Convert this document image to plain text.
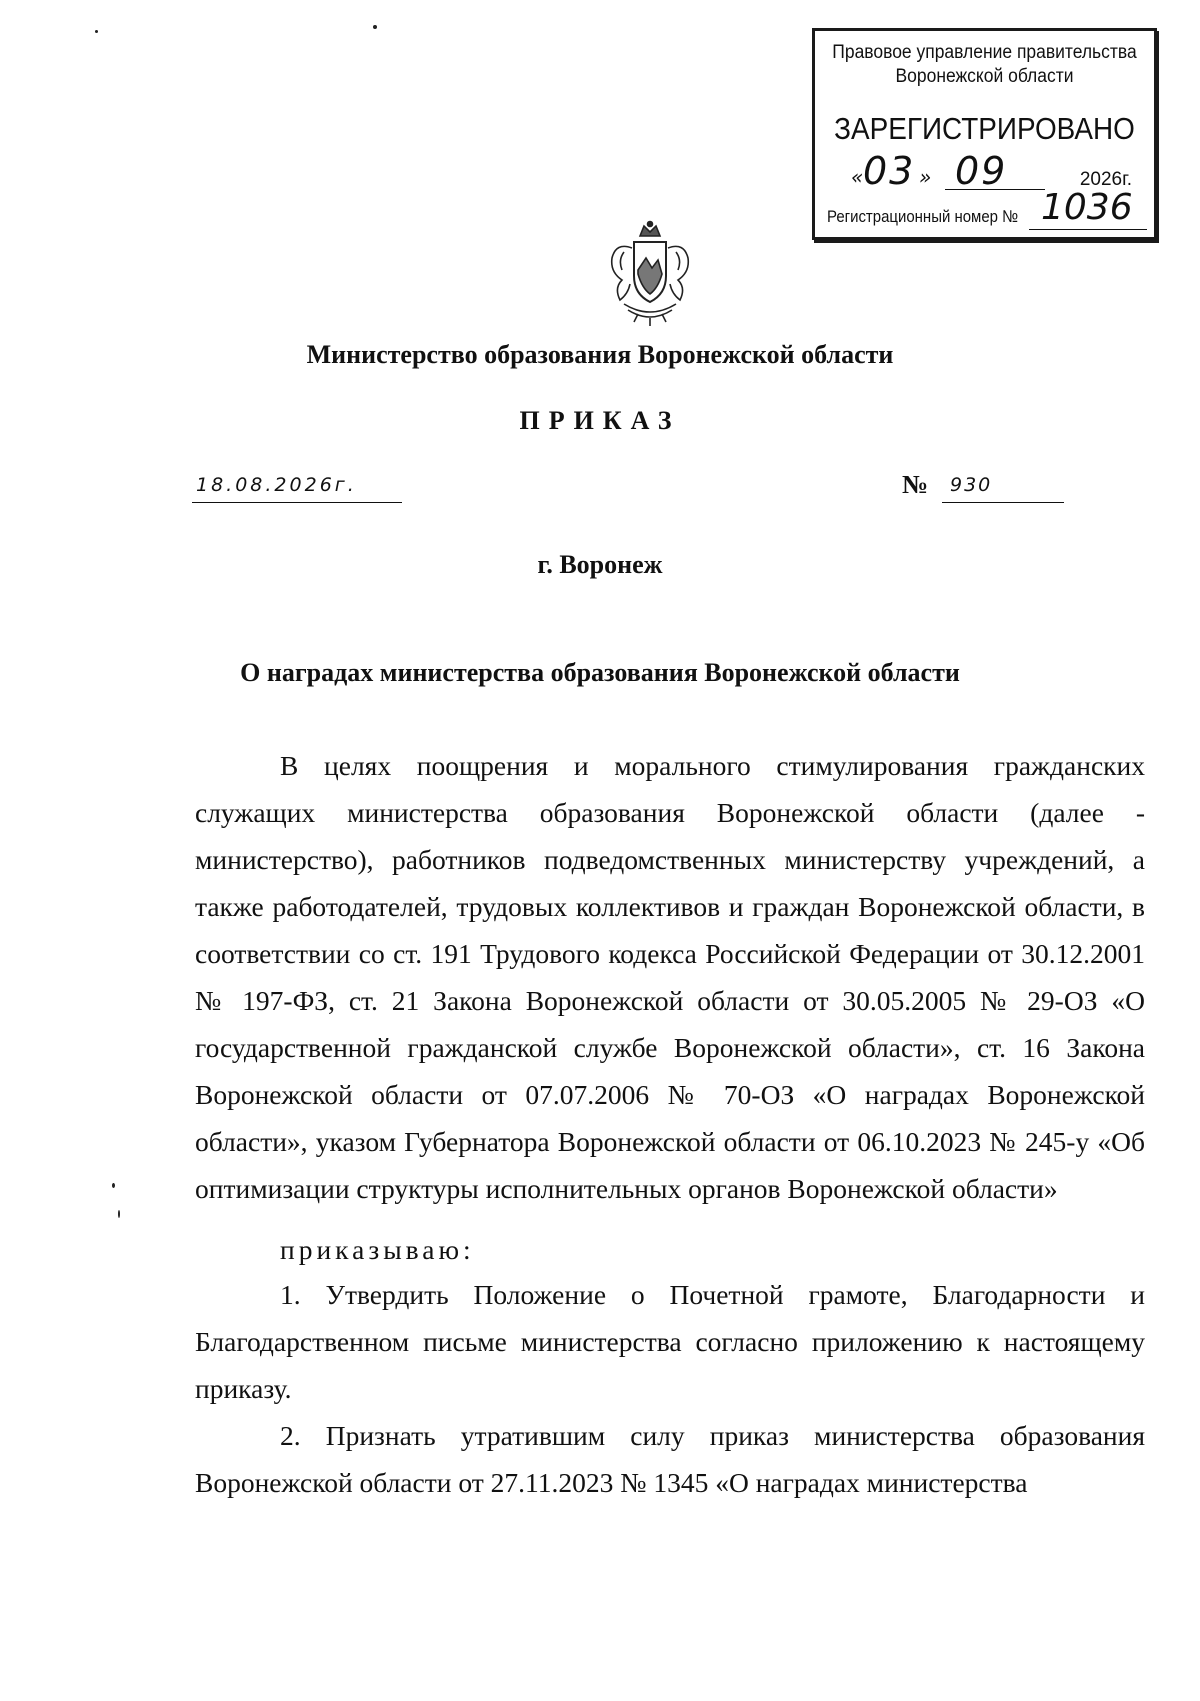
Правовое управление правительства
Воронежской области
ЗАРЕГИСТРИРОВАНО
« 03 » 09	2026г.
Регистрационный номер № 1036
Министерство образования Воронежской области
ПРИКАЗ
18.08.2026г.	№ 930
г. Воронеж
О наградах министерства образования Воронежской области
В целях поощрения и морального стимулирования гражданских служащих министерства образования Воронежской области (далее - министерство), работников подведомственных министерству учреждений, а также работодателей, трудовых коллективов и граждан Воронежской области, в соответствии со ст. 191 Трудового кодекса Российской Федерации от 30.12.2001 № 197-ФЗ, ст. 21 Закона Воронежской области от 30.05.2005 № 29-ОЗ «О государственной гражданской службе Воронежской области», ст. 16 Закона Воронежской области от 07.07.2006 № 70-ОЗ «О наградах Воронежской области», указом Губернатора Воронежской области от 06.10.2023 № 245-у «Об оптимизации структуры исполнительных органов Воронежской области»
приказываю:
1. Утвердить Положение о Почетной грамоте, Благодарности и Благодарственном письме министерства согласно приложению к настоящему приказу.
2. Признать утратившим силу приказ министерства образования Воронежской области от 27.11.2023 № 1345 «О наградах министерства
